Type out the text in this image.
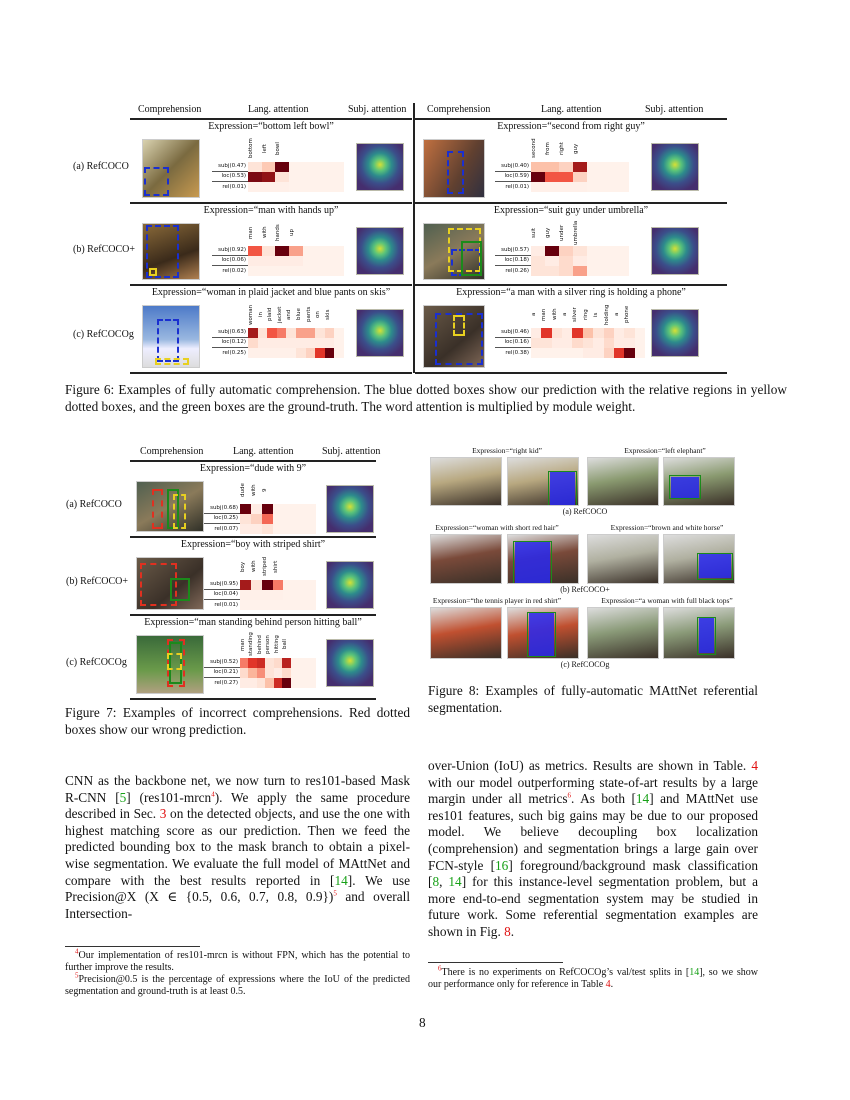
Comprehension	Lang. attention	Subj. attention
Expression=“bottom left bowl”
(a) RefCOCO
bottom	left	bowl
subj(0.47)
loc(0.53)
rel(0.01)
Expression=“man with hands up”
(b) RefCOCO+
man	with	hands	up
subj(0.92)
loc(0.06)
rel(0.02)
Expression=“woman in plaid jacket and blue pants on skis”
(c) RefCOCOg
woman in plaid jacket and blue pants on skis
subj(0.63)
loc(0.12)
rel(0.25)
Comprehension	Lang. attention	Subj. attention
Expression=“second from right guy”
second	from	right	guy
subj(0.40)
loc(0.59)
rel(0.01)
Expression=“suit guy under umbrella”
suit	guy	under	umbrella
subj(0.57)
loc(0.18)
rel(0.26)
Expression=“a man with a silver ring is holding a phone”
a man with a silver ring is holding a phone
subj(0.46)
loc(0.16)
rel(0.38)
Figure 6: Examples of fully automatic comprehension. The blue dotted boxes show our prediction with the relative regions in yellow dotted boxes, and the green boxes are the ground-truth. The word attention is multiplied by module weight.
Comprehension	Lang. attention	Subj. attention
Expression=“dude with 9”
(a) RefCOCO
dude with 9
subj(0.68)
loc(0.25)
rel(0.07)
Expression=“boy with striped shirt”
(b) RefCOCO+
boy with striped shirt
subj(0.95)
loc(0.04)
rel(0.01)
Expression=“man standing behind person hitting ball”
(c) RefCOCOg
man standing behind person hitting ball
subj(0.52)
loc(0.21)
rel(0.27)
Figure 7: Examples of incorrect comprehensions. Red dotted boxes show our wrong prediction.
Expression=“right kid”	Expression=“left elephant”
(a) RefCOCO
Expression=“woman with short red hair”	Expression=“brown and white horse”
(b) RefCOCO+
Expression=“the tennis player in red shirt”	Expression=“a woman with full black tops”
(c) RefCOCOg
Figure 8: Examples of fully-automatic MAttNet referential segmentation.
CNN as the backbone net, we now turn to res101-based Mask R-CNN [5] (res101-mrcn$^4$). We apply the same procedure described in Sec. 3 on the detected objects, and use the one with highest matching score as our prediction. Then we feed the predicted bounding box to the mask branch to obtain a pixel-wise segmentation. We evaluate the full model of MAttNet and compare with the best results reported in [14]. We use Precision@X (X ∈ {0.5, 0.6, 0.7, 0.8, 0.9})$^5$ and overall Intersection-
$^4$Our implementation of res101-mrcn is without FPN, which has the potential to further improve the results.
$^5$Precision@0.5 is the percentage of expressions where the IoU of the predicted segmentation and ground-truth is at least 0.5.
over-Union (IoU) as metrics. Results are shown in Table. 4 with our model outperforming state-of-art results by a large margin under all metrics$^6$. As both [14] and MAttNet use res101 features, such big gains may be due to our proposed model. We believe decoupling box localization (comprehension) and segmentation brings a large gain over FCN-style [16] foreground/background mask classification [8, 14] for this instance-level segmentation problem, but a more end-to-end segmentation system may be studied in future work. Some referential segmentation examples are shown in Fig. 8.
$^6$There is no experiments on RefCOCOg’s val/test splits in [14], so we show our performance only for reference in Table 4.
8
